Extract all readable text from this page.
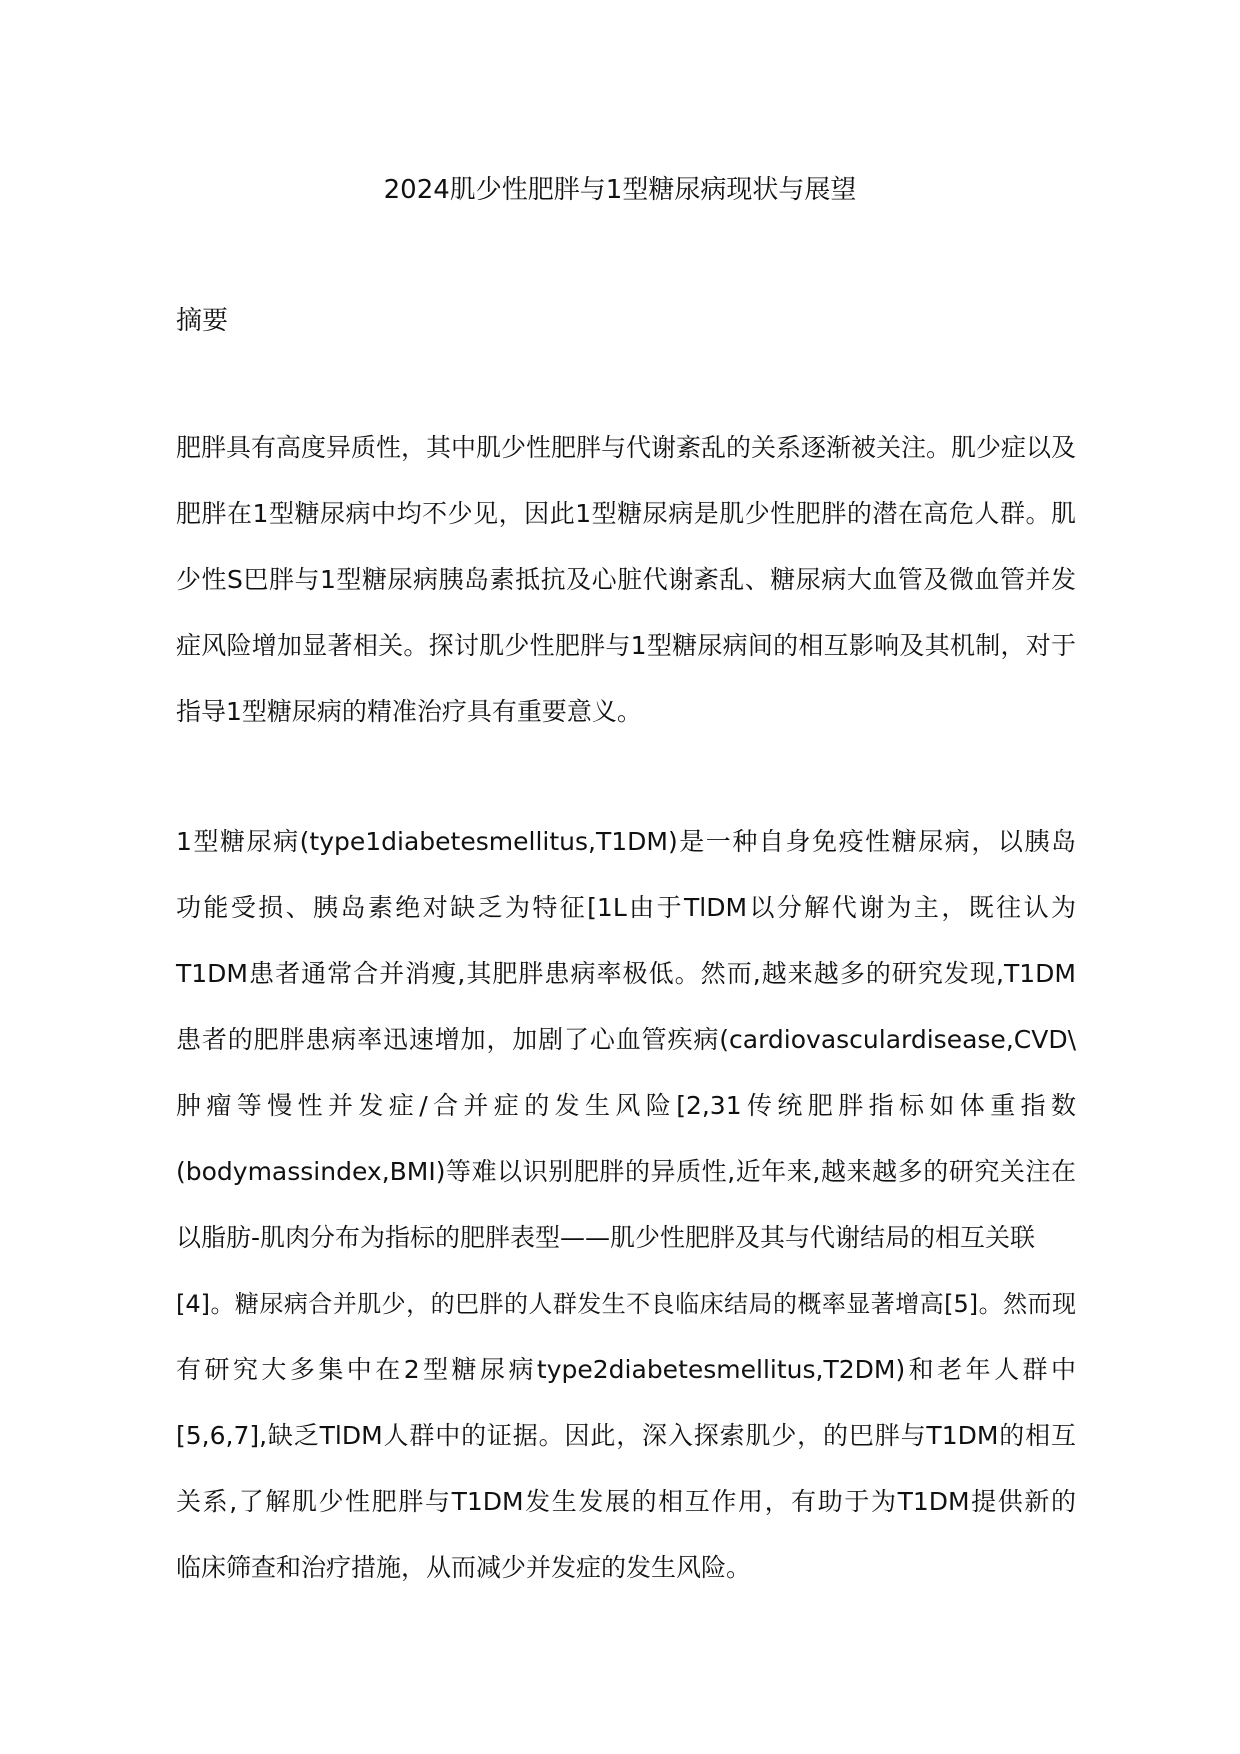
2024肌少性肥胖与1型糖尿病现状与展望
摘要
肥胖具有高度异质性，其中肌少性肥胖与代谢紊乱的关系逐渐被关注。肌少症以及
肥胖在1型糖尿病中均不少见，因此1型糖尿病是肌少性肥胖的潜在高危人群。肌
少性S巴胖与1型糖尿病胰岛素抵抗及心脏代谢紊乱、糖尿病大血管及微血管并发
症风险增加显著相关。探讨肌少性肥胖与1型糖尿病间的相互影响及其机制，对于
指导1型糖尿病的精准治疗具有重要意义。
1型糖尿病(type1diabetesmellitus,T1DM)是一种自身免疫性糖尿病，以胰岛
功能受损、胰岛素绝对缺乏为特征[1L由于TlDM以分解代谢为主，既往认为
T1DM患者通常合并消瘦,其肥胖患病率极低。然而,越来越多的研究发现,T1DM
患者的肥胖患病率迅速增加，加剧了心血管疾病(cardiovasculardisease,CVD\
肿瘤等慢性并发症/合并症的发生风险[2,31传统肥胖指标如体重指数
(bodymassindex,BMI)等难以识别肥胖的异质性,近年来,越来越多的研究关注在
以脂肪-肌肉分布为指标的肥胖表型——肌少性肥胖及其与代谢结局的相互关联
[4]。糖尿病合并肌少，的巴胖的人群发生不良临床结局的概率显著增高[5]。然而现
有研究大多集中在2型糖尿病type2diabetesmellitus,T2DM)和老年人群中
[5,6,7],缺乏TlDM人群中的证据。因此，深入探索肌少，的巴胖与T1DM的相互
关系,了解肌少性肥胖与T1DM发生发展的相互作用，有助于为T1DM提供新的
临床筛查和治疗措施，从而减少并发症的发生风险。
